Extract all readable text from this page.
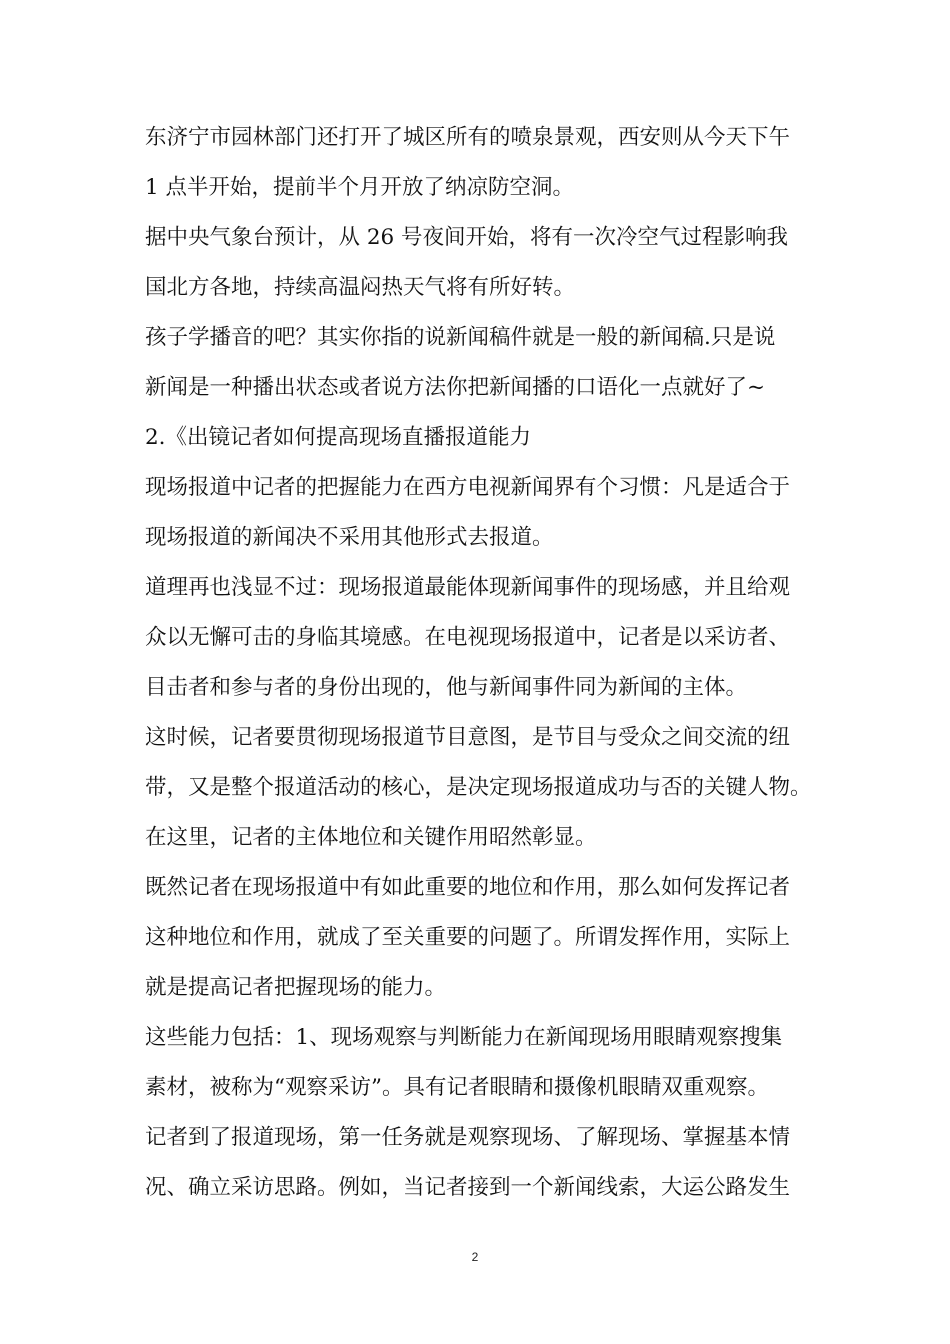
东济宁市园林部门还打开了城区所有的喷泉景观，西安则从今天下午
1 点半开始，提前半个月开放了纳凉防空洞。
据中央气象台预计，从 26 号夜间开始，将有一次冷空气过程影响我
国北方各地，持续高温闷热天气将有所好转。
孩子学播音的吧？其实你指的说新闻稿件就是一般的新闻稿.只是说
新闻是一种播出状态或者说方法你把新闻播的口语化一点就好了~
2.《出镜记者如何提高现场直播报道能力
现场报道中记者的把握能力在西方电视新闻界有个习惯：凡是适合于
现场报道的新闻决不采用其他形式去报道。
道理再也浅显不过：现场报道最能体现新闻事件的现场感，并且给观
众以无懈可击的身临其境感。在电视现场报道中，记者是以采访者、
目击者和参与者的身份出现的，他与新闻事件同为新闻的主体。
这时候，记者要贯彻现场报道节目意图，是节目与受众之间交流的纽
带，又是整个报道活动的核心，是决定现场报道成功与否的关键人物。
在这里，记者的主体地位和关键作用昭然彰显。
既然记者在现场报道中有如此重要的地位和作用，那么如何发挥记者
这种地位和作用，就成了至关重要的问题了。所谓发挥作用，实际上
就是提高记者把握现场的能力。
这些能力包括：1、现场观察与判断能力在新闻现场用眼睛观察搜集
素材，被称为“观察采访”。具有记者眼睛和摄像机眼睛双重观察。
记者到了报道现场，第一任务就是观察现场、了解现场、掌握基本情
况、确立采访思路。例如，当记者接到一个新闻线索，大运公路发生
2
